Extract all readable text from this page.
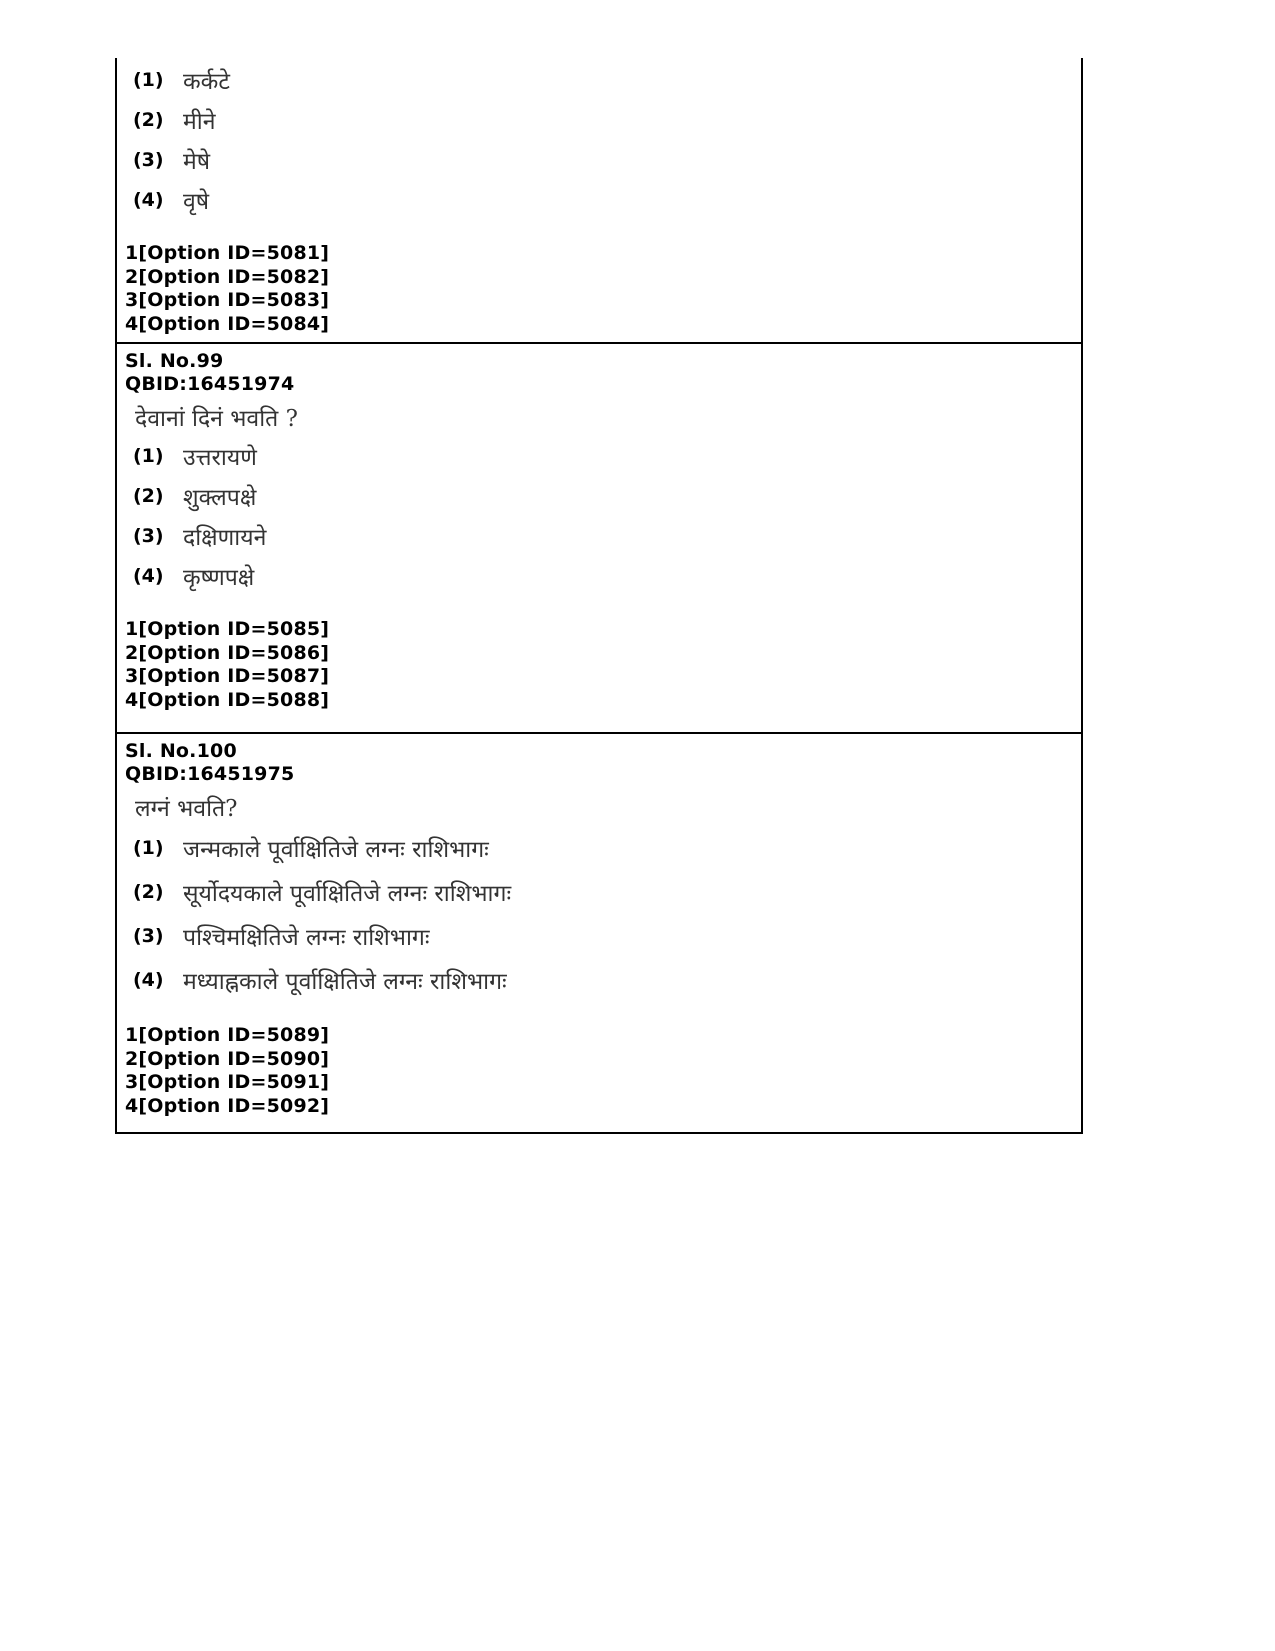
(1) कर्कटे
(2) मीने
(3) मेषे
(4) वृषे
1[Option ID=5081]
2[Option ID=5082]
3[Option ID=5083]
4[Option ID=5084]
Sl. No.99
QBID:16451974
देवानां दिनं भवति ?
(1) उत्तरायणे
(2) शुक्लपक्षे
(3) दक्षिणायने
(4) कृष्णपक्षे
1[Option ID=5085]
2[Option ID=5086]
3[Option ID=5087]
4[Option ID=5088]
Sl. No.100
QBID:16451975
लग्नं भवति?
(1) जन्मकाले पूर्वाक्षितिजे लग्नः राशिभागः
(2) सूर्योदयकाले पूर्वाक्षितिजे लग्नः राशिभागः
(3) पश्चिमक्षितिजे लग्नः राशिभागः
(4) मध्याह्नकाले पूर्वाक्षितिजे लग्नः राशिभागः
1[Option ID=5089]
2[Option ID=5090]
3[Option ID=5091]
4[Option ID=5092]
